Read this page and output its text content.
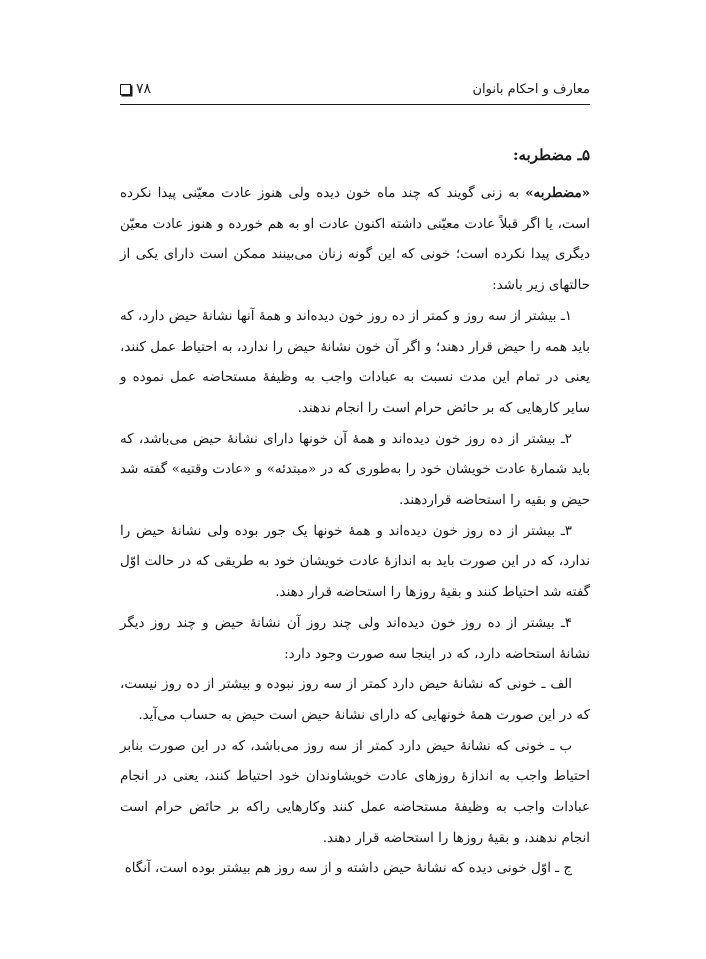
۷۸	معارف و احکام بانوان

۵ـ مضطربه:

«مضطربه» به زنی گویند که چند ماه خون دیده ولی هنوز عادت معیّنی پیدا نکرده است، یا اگر قبلاً عادت معیّنی داشته اکنون عادت او به هم خورده و هنوز عادت معیّن دیگری پیدا نکرده است؛ خونی که این گونه زنان می‌بینند ممکن است دارای یکی از حالتهای زیر باشد:

۱ـ بیشتر از سه روز و کمتر از ده روز خون دیده‌اند و همهٔ آنها نشانهٔ حیض دارد، که باید همه را حیض قرار دهند؛ و اگر آن خون نشانهٔ حیض را ندارد، به احتیاط عمل کنند، یعنی در تمام این مدت نسبت به عبادات واجب به وظیفهٔ مستحاضه عمل نموده و سایر کارهایی که بر حائض حرام است را انجام ندهند.

۲ـ بیشتر از ده روز خون دیده‌اند و همهٔ آن خونها دارای نشانهٔ حیض می‌باشد، که باید شمارهٔ عادت خویشان خود را به‌طوری که در «مبتدئه» و «عادت وقتیه» گفته شد حیض و بقیه را استحاضه قراردهند.

۳ـ بیشتر از ده روز خون دیده‌اند و همهٔ خونها یک جور بوده ولی نشانهٔ حیض را ندارد، که در این صورت باید به اندازهٔ عادت خویشان خود به طریقی که در حالت اوّل گفته شد احتیاط کنند و بقیهٔ روزها را استحاضه قرار دهند.

۴ـ بیشتر از ده روز خون دیده‌اند ولی چند روز آن نشانهٔ حیض و چند روز دیگر نشانهٔ استحاضه دارد، که در اینجا سه صورت وجود دارد:

الف ـ خونی که نشانهٔ حیض دارد کمتر از سه روز نبوده و بیشتر از ده روز نیست، که در این صورت همهٔ خونهایی که دارای نشانهٔ حیض است حیض به حساب می‌آید.

ب ـ خونی که نشانهٔ حیض دارد کمتر از سه روز می‌باشد، که در این صورت بنابر احتیاط واجب به اندازهٔ روزهای عادت خویشاوندان خود احتیاط کنند، یعنی در انجام عبادات واجب به وظیفهٔ مستحاضه عمل کنند وکارهایی راکه بر حائض حرام است انجام ندهند، و بقیهٔ روزها را استحاضه قرار دهند.

ج ـ اوّل خونی دیده که نشانهٔ حیض داشته و از سه روز هم بیشتر بوده است، آنگاه
